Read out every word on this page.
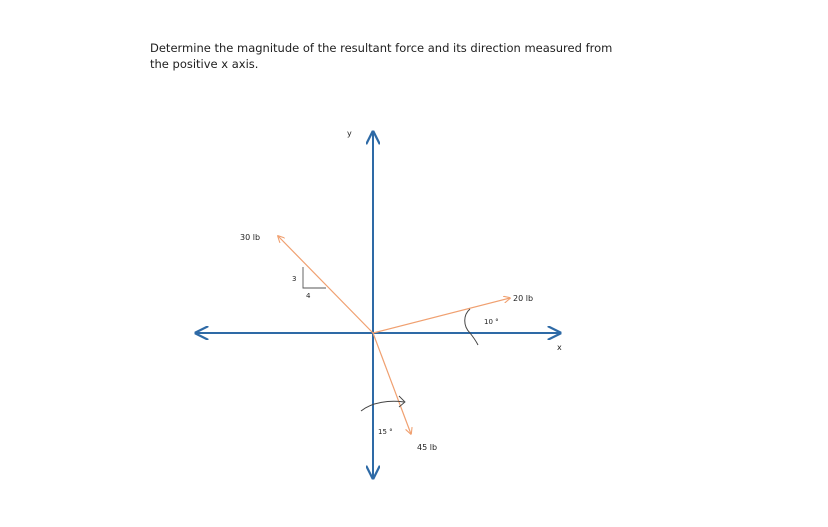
Determine the magnitude of the resultant force and its direction measured from
the positive x axis.

y
x
30 lb
20 lb
45 lb
3
4
10 °
15 °
